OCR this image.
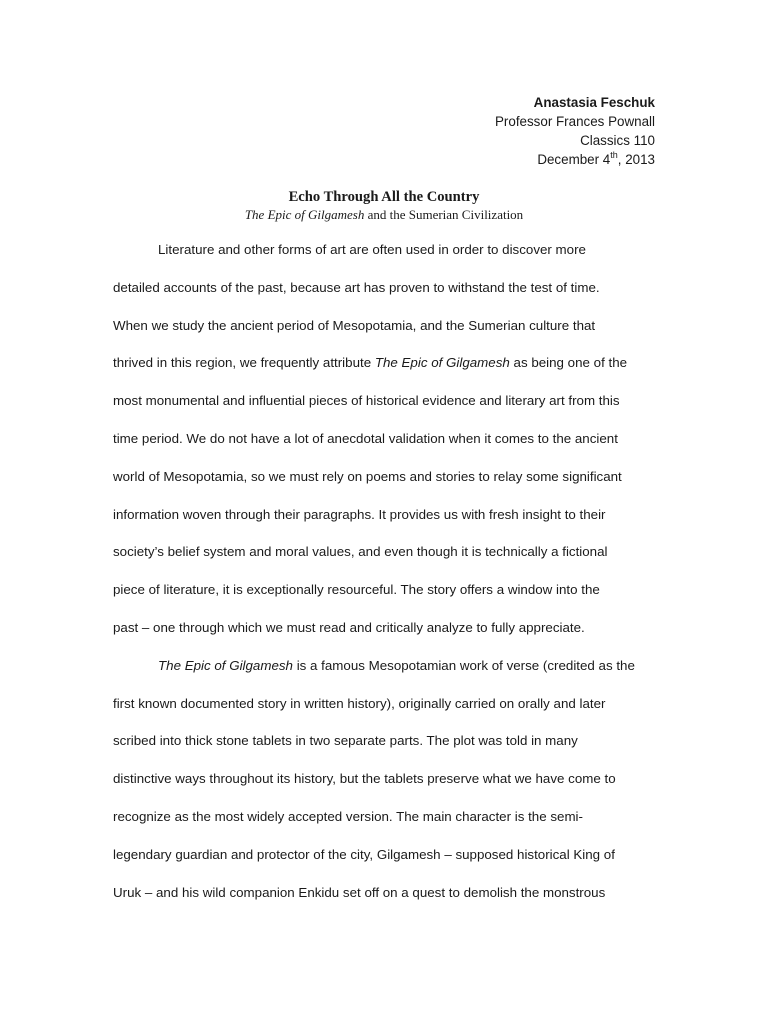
Anastasia Feschuk
Professor Frances Pownall
Classics 110
December 4th, 2013
Echo Through All the Country
The Epic of Gilgamesh and the Sumerian Civilization
Literature and other forms of art are often used in order to discover more
detailed accounts of the past, because art has proven to withstand the test of time.
When we study the ancient period of Mesopotamia, and the Sumerian culture that
thrived in this region, we frequently attribute The Epic of Gilgamesh as being one of the
most monumental and influential pieces of historical evidence and literary art from this
time period. We do not have a lot of anecdotal validation when it comes to the ancient
world of Mesopotamia, so we must rely on poems and stories to relay some significant
information woven through their paragraphs. It provides us with fresh insight to their
society’s belief system and moral values, and even though it is technically a fictional
piece of literature, it is exceptionally resourceful. The story offers a window into the
past – one through which we must read and critically analyze to fully appreciate.
The Epic of Gilgamesh is a famous Mesopotamian work of verse (credited as the
first known documented story in written history), originally carried on orally and later
scribed into thick stone tablets in two separate parts. The plot was told in many
distinctive ways throughout its history, but the tablets preserve what we have come to
recognize as the most widely accepted version. The main character is the semi-
legendary guardian and protector of the city, Gilgamesh – supposed historical King of
Uruk – and his wild companion Enkidu set off on a quest to demolish the monstrous
